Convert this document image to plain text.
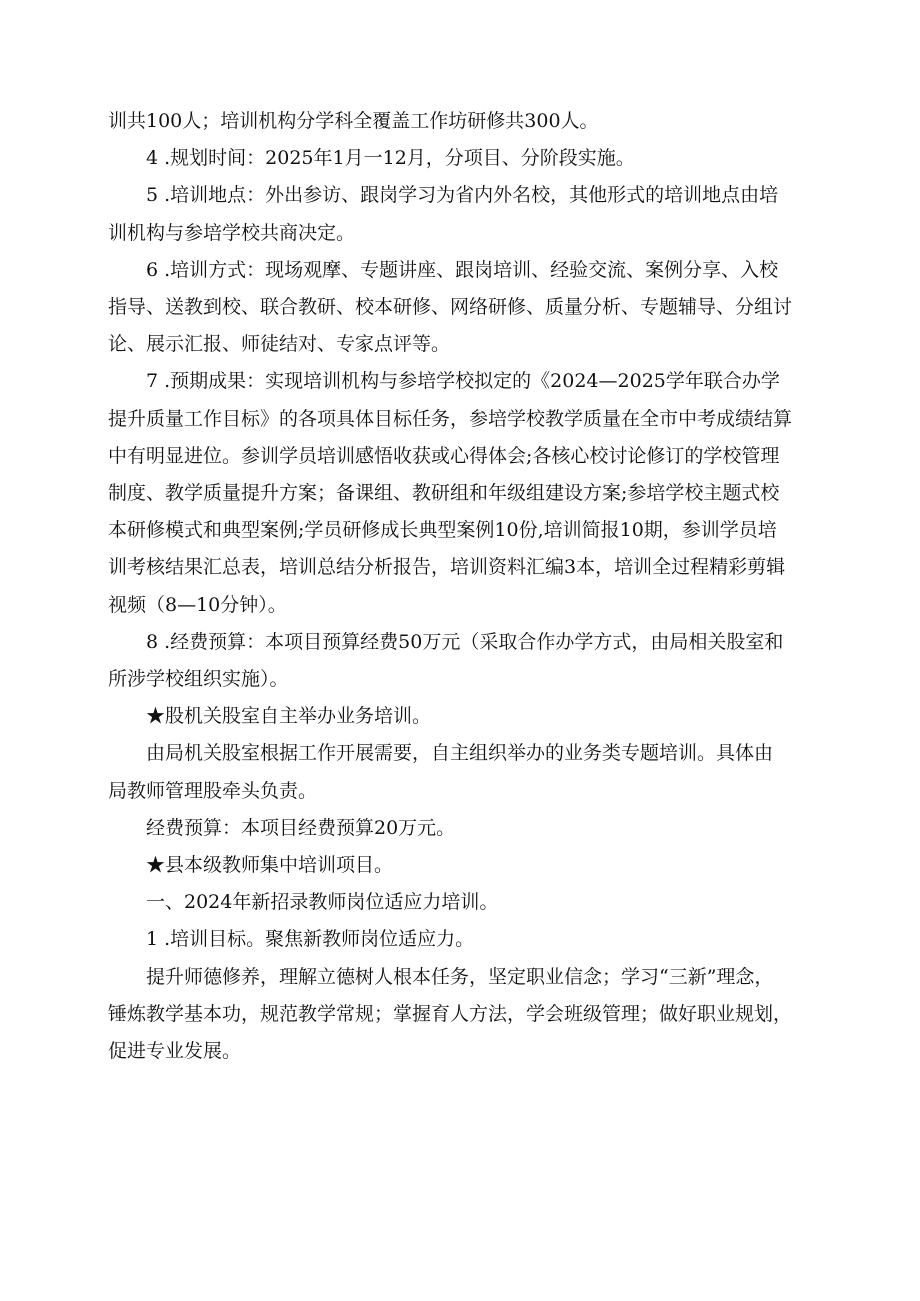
训共100人；培训机构分学科全覆盖工作坊研修共300人。
4 .规划时间：2025年1月一12月，分项目、分阶段实施。
5 .培训地点：外出参访、跟岗学习为省内外名校，其他形式的培训地点由培
训机构与参培学校共商决定。
6 .培训方式：现场观摩、专题讲座、跟岗培训、经验交流、案例分享、入校
指导、送教到校、联合教研、校本研修、网络研修、质量分析、专题辅导、分组讨
论、展示汇报、师徒结对、专家点评等。
7 .预期成果：实现培训机构与参培学校拟定的《2024—2025学年联合办学
提升质量工作目标》的各项具体目标任务，参培学校教学质量在全市中考成绩结算
中有明显进位。参训学员培训感悟收获或心得体会;各核心校讨论修订的学校管理
制度、教学质量提升方案；备课组、教研组和年级组建设方案;参培学校主题式校
本研修模式和典型案例;学员研修成长典型案例10份,培训简报10期，参训学员培
训考核结果汇总表，培训总结分析报告，培训资料汇编3本，培训全过程精彩剪辑
视频（8—10分钟）。
8 .经费预算：本项目预算经费50万元（采取合作办学方式，由局相关股室和
所涉学校组织实施）。
★股机关股室自主举办业务培训。
由局机关股室根据工作开展需要，自主组织举办的业务类专题培训。具体由
局教师管理股牵头负责。
经费预算：本项目经费预算20万元。
★县本级教师集中培训项目。
一、2024年新招录教师岗位适应力培训。
1 .培训目标。聚焦新教师岗位适应力。
提升师德修养，理解立德树人根本任务，坚定职业信念；学习“三新”理念，
锤炼教学基本功，规范教学常规；掌握育人方法，学会班级管理；做好职业规划，
促进专业发展。
